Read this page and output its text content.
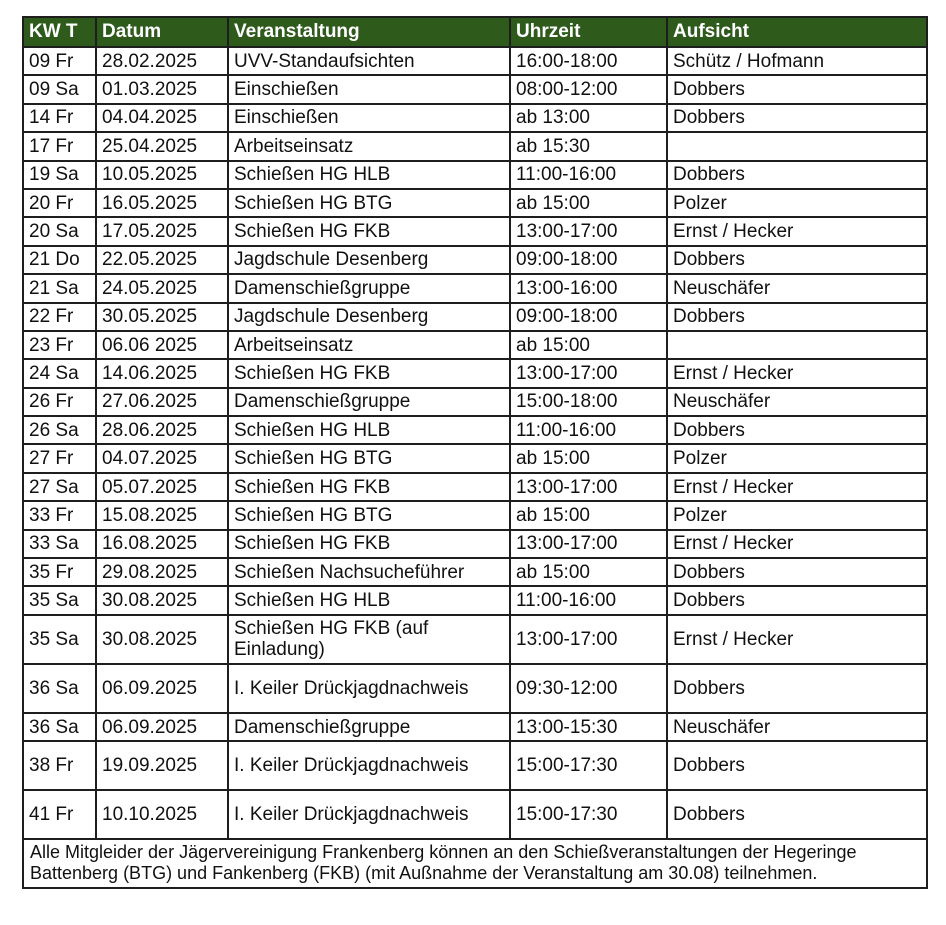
KW T	Datum	Veranstaltung	Uhrzeit	Aufsicht
09 Fr	28.02.2025	UVV-Standaufsichten	16:00-18:00	Schütz / Hofmann
09 Sa	01.03.2025	Einschießen	08:00-12:00	Dobbers
14 Fr	04.04.2025	Einschießen	ab 13:00	Dobbers
17 Fr	25.04.2025	Arbeitseinsatz	ab 15:30	
19 Sa	10.05.2025	Schießen HG HLB	11:00-16:00	Dobbers
20 Fr	16.05.2025	Schießen HG BTG	ab 15:00	Polzer
20 Sa	17.05.2025	Schießen HG FKB	13:00-17:00	Ernst / Hecker
21 Do	22.05.2025	Jagdschule Desenberg	09:00-18:00	Dobbers
21 Sa	24.05.2025	Damenschießgruppe	13:00-16:00	Neuschäfer
22 Fr	30.05.2025	Jagdschule Desenberg	09:00-18:00	Dobbers
23 Fr	06.06 2025	Arbeitseinsatz	ab 15:00	
24 Sa	14.06.2025	Schießen HG FKB	13:00-17:00	Ernst / Hecker
26 Fr	27.06.2025	Damenschießgruppe	15:00-18:00	Neuschäfer
26 Sa	28.06.2025	Schießen HG HLB	11:00-16:00	Dobbers
27 Fr	04.07.2025	Schießen HG BTG	ab 15:00	Polzer
27 Sa	05.07.2025	Schießen HG FKB	13:00-17:00	Ernst / Hecker
33 Fr	15.08.2025	Schießen HG BTG	ab 15:00	Polzer
33 Sa	16.08.2025	Schießen HG FKB	13:00-17:00	Ernst / Hecker
35 Fr	29.08.2025	Schießen Nachsucheführer	ab 15:00	Dobbers
35 Sa	30.08.2025	Schießen HG HLB	11:00-16:00	Dobbers
35 Sa	30.08.2025	Schießen HG FKB (auf Einladung)	13:00-17:00	Ernst / Hecker
36 Sa	06.09.2025	I. Keiler Drückjagdnachweis	09:30-12:00	Dobbers
36 Sa	06.09.2025	Damenschießgruppe	13:00-15:30	Neuschäfer
38 Fr	19.09.2025	I. Keiler Drückjagdnachweis	15:00-17:30	Dobbers
41 Fr	10.10.2025	I. Keiler Drückjagdnachweis	15:00-17:30	Dobbers
Alle Mitgleider der Jägervereinigung Frankenberg können an den Schießveranstaltungen der Hegeringe Battenberg (BTG) und Fankenberg (FKB) (mit Außnahme der Veranstaltung am 30.08) teilnehmen.				
